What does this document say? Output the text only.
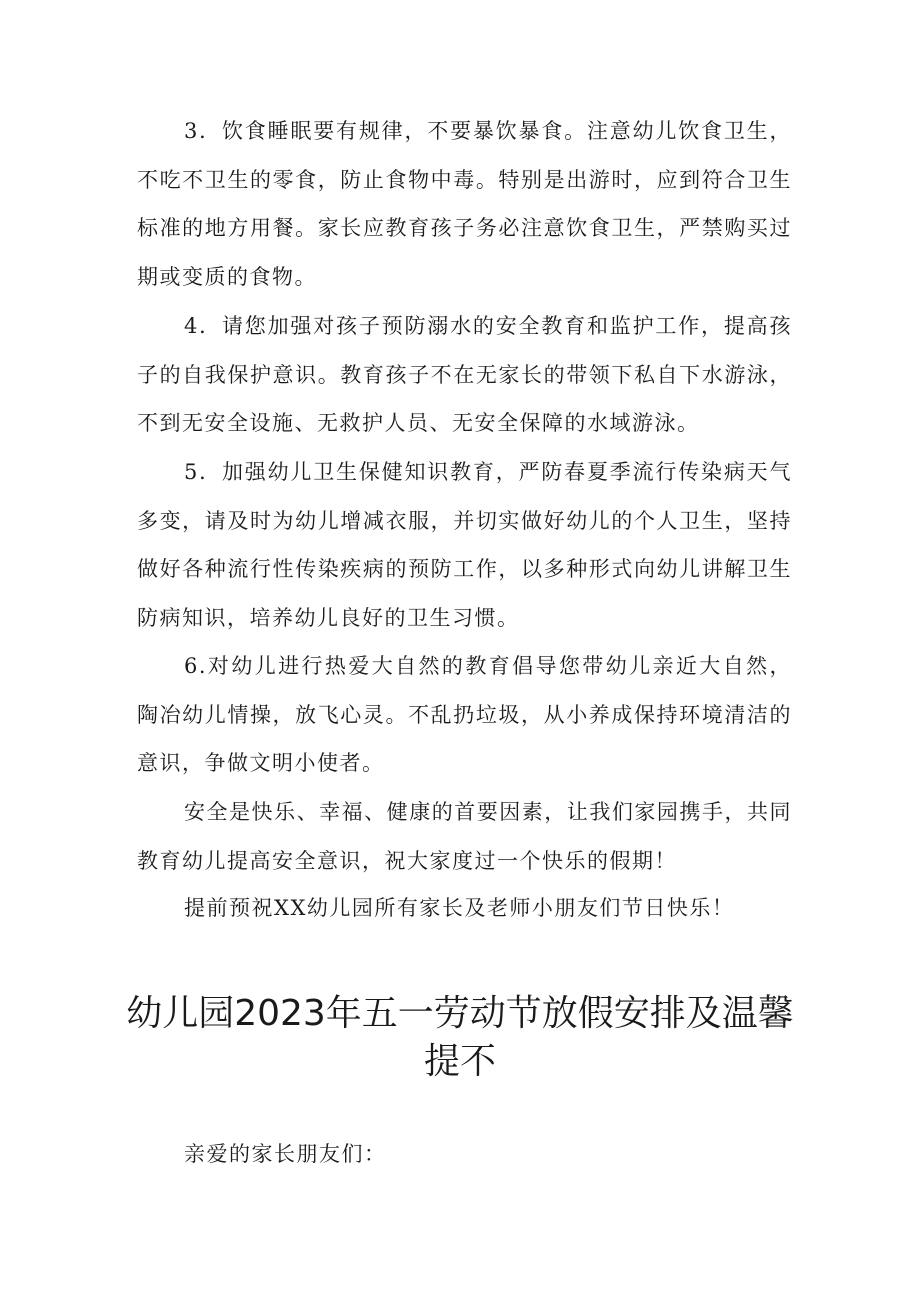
3．饮食睡眠要有规律，不要暴饮暴食。注意幼儿饮食卫生，不吃不卫生的零食，防止食物中毒。特别是出游时，应到符合卫生标准的地方用餐。家长应教育孩子务必注意饮食卫生，严禁购买过期或变质的食物。

4．请您加强对孩子预防溺水的安全教育和监护工作，提高孩子的自我保护意识。教育孩子不在无家长的带领下私自下水游泳，不到无安全设施、无救护人员、无安全保障的水域游泳。

5．加强幼儿卫生保健知识教育，严防春夏季流行传染病天气多变，请及时为幼儿增减衣服，并切实做好幼儿的个人卫生，坚持做好各种流行性传染疾病的预防工作，以多种形式向幼儿讲解卫生防病知识，培养幼儿良好的卫生习惯。

6.对幼儿进行热爱大自然的教育倡导您带幼儿亲近大自然，陶冶幼儿情操，放飞心灵。不乱扔垃圾，从小养成保持环境清洁的意识，争做文明小使者。

安全是快乐、幸福、健康的首要因素，让我们家园携手，共同教育幼儿提高安全意识，祝大家度过一个快乐的假期！

提前预祝XX幼儿园所有家长及老师小朋友们节日快乐！

幼儿园2023年五一劳动节放假安排及温馨提不

亲爱的家长朋友们：
